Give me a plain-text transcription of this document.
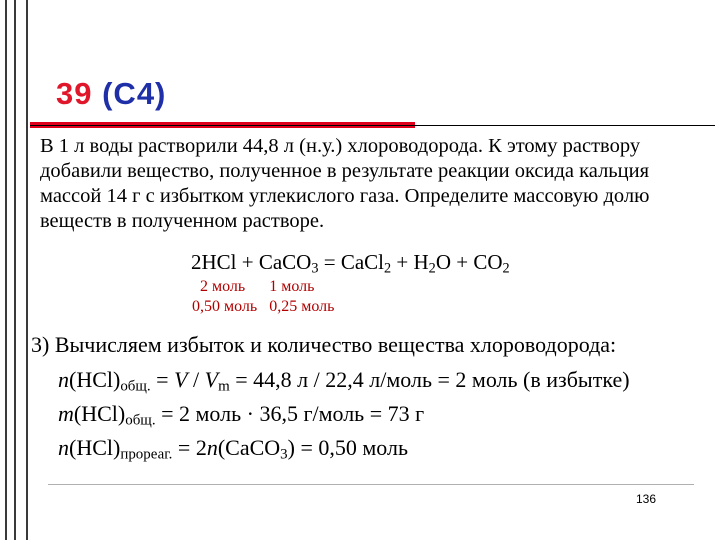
39 (C4)
В 1 л воды растворили 44,8 л (н.у.) хлороводорода. К этому раствору добавили вещество, полученное в результате реакции оксида кальция массой 14 г с избытком углекислого газа. Определите массовую долю веществ в полученном растворе.
2HCl + CaCO$_3$ = CaCl$_2$ + $H_2O + CO_2$
2 моль      1 моль
0,50 моль   0,25 моль
3) Вычисляем избыток и количество вещества хлороводорода:
$n(HCl)_{общ.} = V / V_m = 44,8$ л / 22,4 л/моль = 2 моль (в избытке)
$m(HCl)_{общ.} = 2$ моль · 36,5 г/моль = 73 г
$n(HCl)_{прореаг.}$ = 2n(CaCO$_3$) = 0,50 моль
136
